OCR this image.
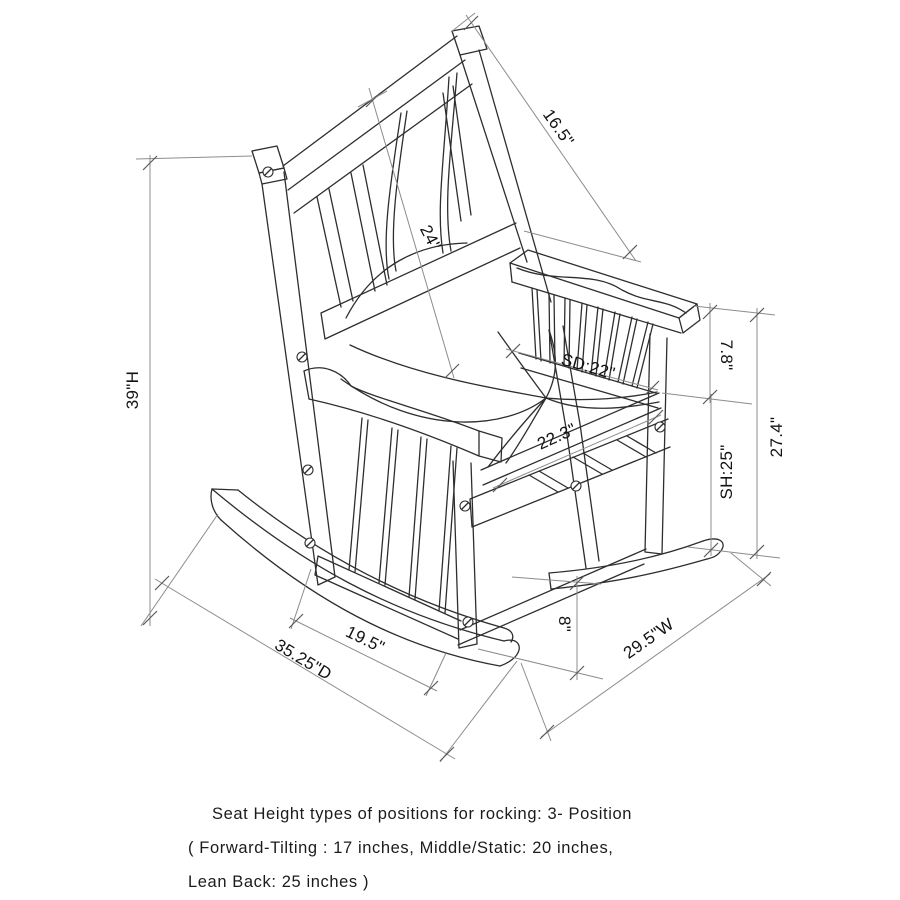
39"H
16.5"
24"
SD:22"
22.3"
7.8"
SH:25"
27.4"
8"
19.5"
35.25"D	29.5"W
Seat Height types of positions for rocking: 3- Position
( Forward-Tilting : 17 inches, Middle/Static: 20 inches,
Lean Back: 25 inches )
